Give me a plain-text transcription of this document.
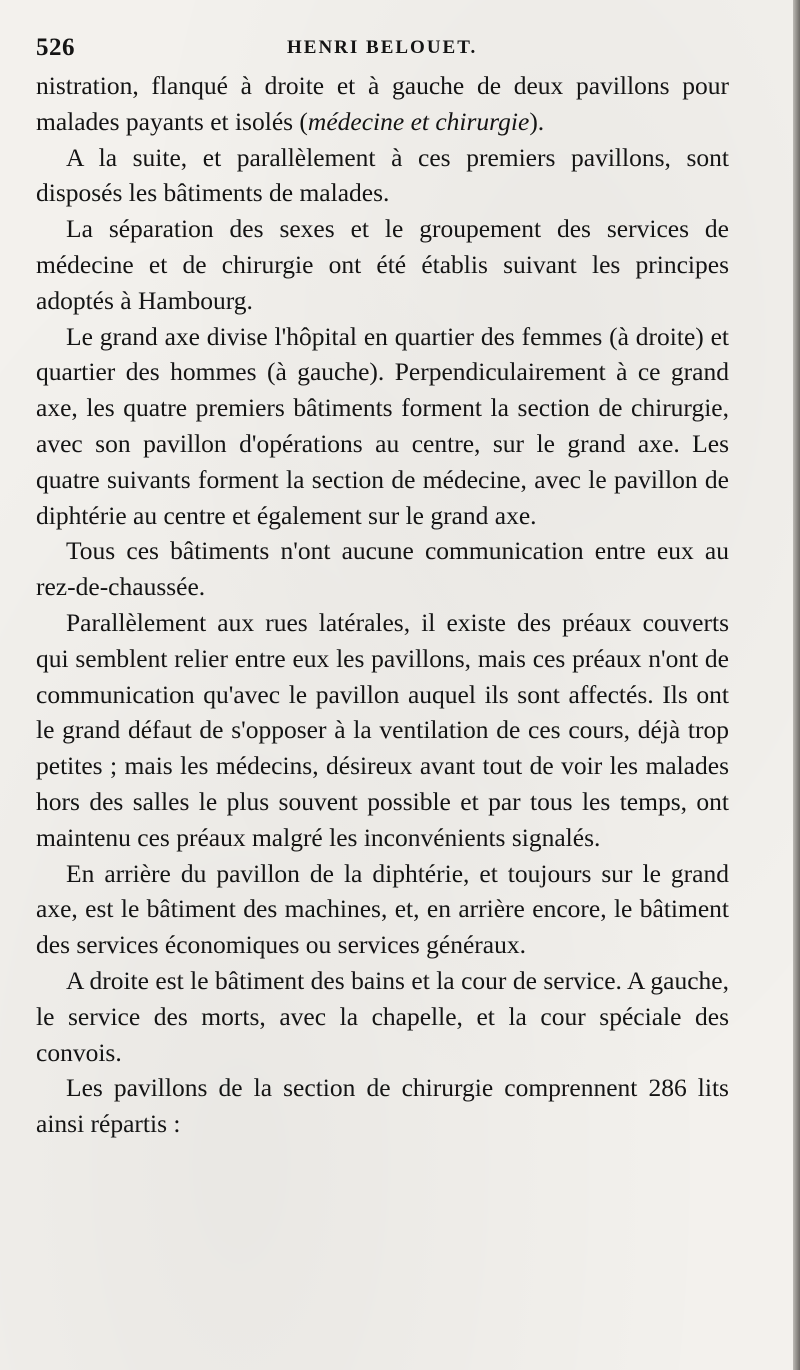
526	HENRI BELOUET.

nistration, flanqué à droite et à gauche de deux pavillons pour malades payants et isolés (médecine et chirurgie).

A la suite, et parallèlement à ces premiers pavillons, sont disposés les bâtiments de malades.

La séparation des sexes et le groupement des services de médecine et de chirurgie ont été établis suivant les principes adoptés à Hambourg.

Le grand axe divise l'hôpital en quartier des femmes (à droite) et quartier des hommes (à gauche). Perpendiculairement à ce grand axe, les quatre premiers bâtiments forment la section de chirurgie, avec son pavillon d'opérations au centre, sur le grand axe. Les quatre suivants forment la section de médecine, avec le pavillon de diphtérie au centre et également sur le grand axe.

Tous ces bâtiments n'ont aucune communication entre eux au rez-de-chaussée.

Parallèlement aux rues latérales, il existe des préaux couverts qui semblent relier entre eux les pavillons, mais ces préaux n'ont de communication qu'avec le pavillon auquel ils sont affectés. Ils ont le grand défaut de s'opposer à la ventilation de ces cours, déjà trop petites ; mais les médecins, désireux avant tout de voir les malades hors des salles le plus souvent possible et par tous les temps, ont maintenu ces préaux malgré les inconvénients signalés.

En arrière du pavillon de la diphtérie, et toujours sur le grand axe, est le bâtiment des machines, et, en arrière encore, le bâtiment des services économiques ou services généraux.

A droite est le bâtiment des bains et la cour de service. A gauche, le service des morts, avec la chapelle, et la cour spéciale des convois.

Les pavillons de la section de chirurgie comprennent 286 lits ainsi répartis :
